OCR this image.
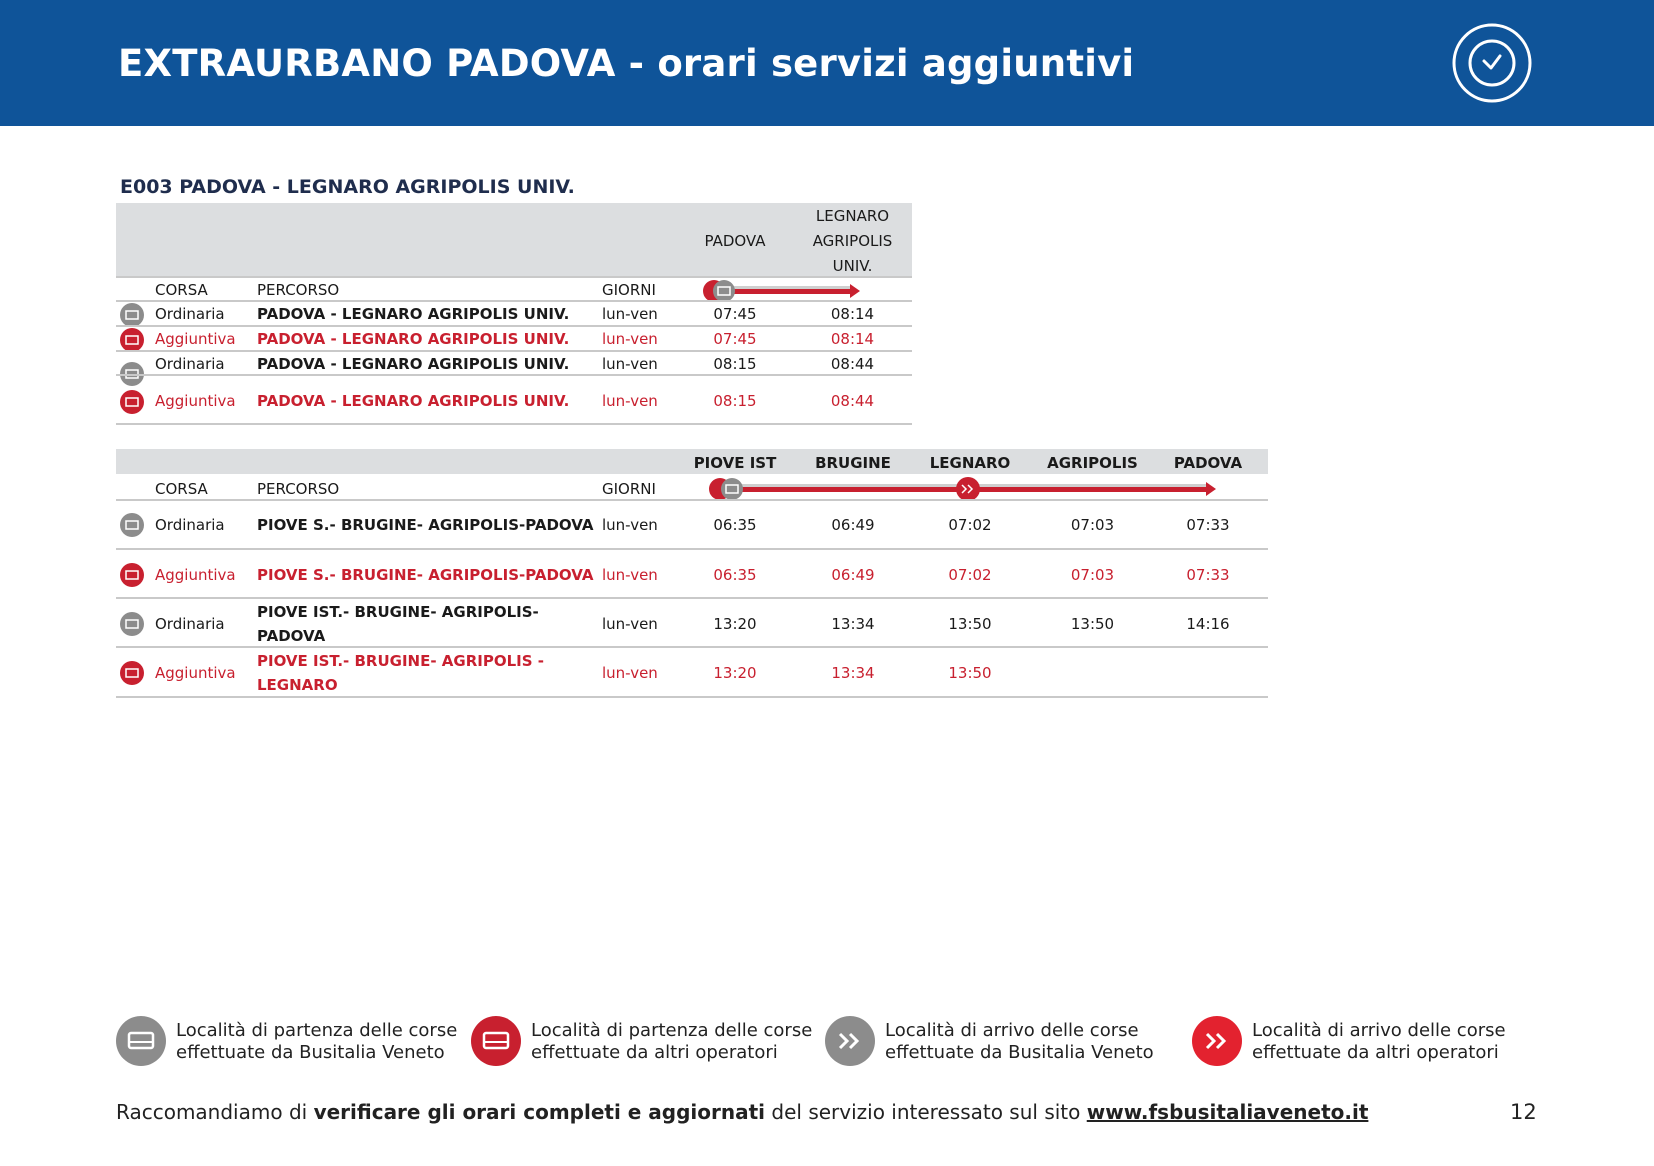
EXTRAURBANO PADOVA - orari servizi aggiuntivi
E003 PADOVA - LEGNARO AGRIPOLIS UNIV.
PADOVA
LEGNARO
AGRIPOLIS
UNIV.
CORSA	PERCORSO	GIORNI
Ordinaria PADOVA - LEGNARO AGRIPOLIS UNIV. lun-ven	07:45	08:14
Aggiuntiva PADOVA - LEGNARO AGRIPOLIS UNIV. lun-ven	07:45	08:14
Ordinaria PADOVA - LEGNARO AGRIPOLIS UNIV. lun-ven	08:15	08:44
Aggiuntiva PADOVA - LEGNARO AGRIPOLIS UNIV. lun-ven	08:15	08:44
PIOVE IST	BRUGINE	LEGNARO	AGRIPOLIS	PADOVA
CORSA	PERCORSO	GIORNI
Ordinaria PIOVE S.- BRUGINE- AGRIPOLIS-PADOVA lun-ven	06:35	06:49	07:02	07:03	07:33
Aggiuntiva PIOVE S.- BRUGINE- AGRIPOLIS-PADOVA lun-ven	06:35	06:49	07:02	07:03	07:33
Ordinaria
PIOVE IST.- BRUGINE- AGRIPOLIS-
PADOVA
lun-ven	13:20	13:34	13:50	13:50	14:16
Aggiuntiva
PIOVE IST.- BRUGINE- AGRIPOLIS -
LEGNARO
lun-ven	13:20	13:34	13:50
Località di partenza delle corse
effettuate da Busitalia Veneto
Località di partenza delle corse
effettuate da altri operatori
Località di arrivo delle corse
effettuate da Busitalia Veneto
Località di arrivo delle corse
effettuate da altri operatori
Raccomandiamo di verificare gli orari completi e aggiornati del servizio interessato sul sito www.fsbusitaliaveneto.it	12
